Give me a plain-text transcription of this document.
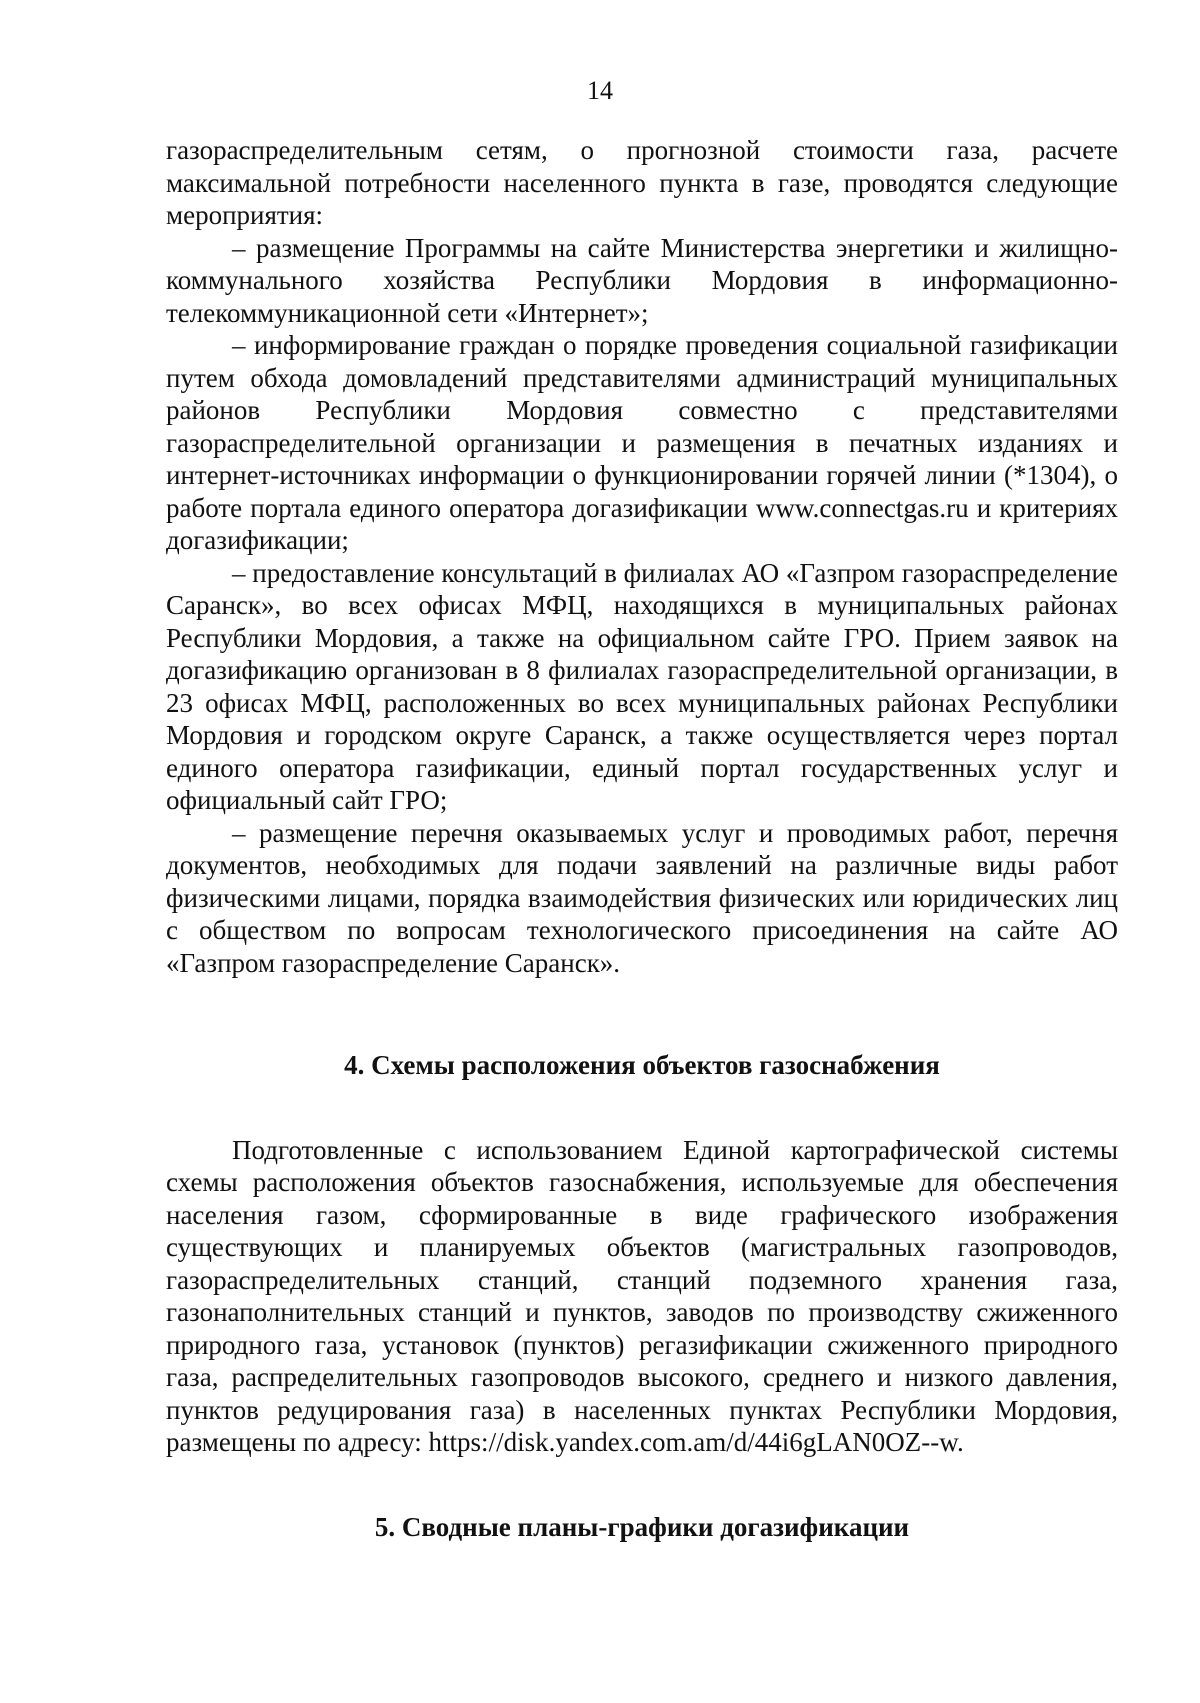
14

газораспределительным сетям, о прогнозной стоимости газа, расчете максимальной потребности населенного пункта в газе, проводятся следующие мероприятия:

– размещение Программы на сайте Министерства энергетики и жилищно-коммунального хозяйства Республики Мордовия в информационно-телекоммуникационной сети «Интернет»;

– информирование граждан о порядке проведения социальной газификации путем обхода домовладений представителями администраций муниципальных районов Республики Мордовия совместно с представителями газораспределительной организации и размещения в печатных изданиях и интернет-источниках информации о функционировании горячей линии (*1304), о работе портала единого оператора догазификации www.connectgas.ru и критериях догазификации;

– предоставление консультаций в филиалах АО «Газпром газораспределение Саранск», во всех офисах МФЦ, находящихся в муниципальных районах Республики Мордовия, а также на официальном сайте ГРО. Прием заявок на догазификацию организован в 8 филиалах газораспределительной организации, в 23 офисах МФЦ, расположенных во всех муниципальных районах Республики Мордовия и городском округе Саранск, а также осуществляется через портал единого оператора газификации, единый портал государственных услуг и официальный сайт ГРО;

– размещение перечня оказываемых услуг и проводимых работ, перечня документов, необходимых для подачи заявлений на различные виды работ физическими лицами, порядка взаимодействия физических или юридических лиц с обществом по вопросам технологического присоединения на сайте АО «Газпром газораспределение Саранск».

4. Схемы расположения объектов газоснабжения

Подготовленные с использованием Единой картографической системы схемы расположения объектов газоснабжения, используемые для обеспечения населения газом, сформированные в виде графического изображения существующих и планируемых объектов (магистральных газопроводов, газораспределительных станций, станций подземного хранения газа, газонаполнительных станций и пунктов, заводов по производству сжиженного природного газа, установок (пунктов) регазификации сжиженного природного газа, распределительных газопроводов высокого, среднего и низкого давления, пунктов редуцирования газа) в населенных пунктах Республики Мордовия, размещены по адресу: https://disk.yandex.com.am/d/44i6gLAN0OZ--w.

5. Сводные планы-графики догазификации
